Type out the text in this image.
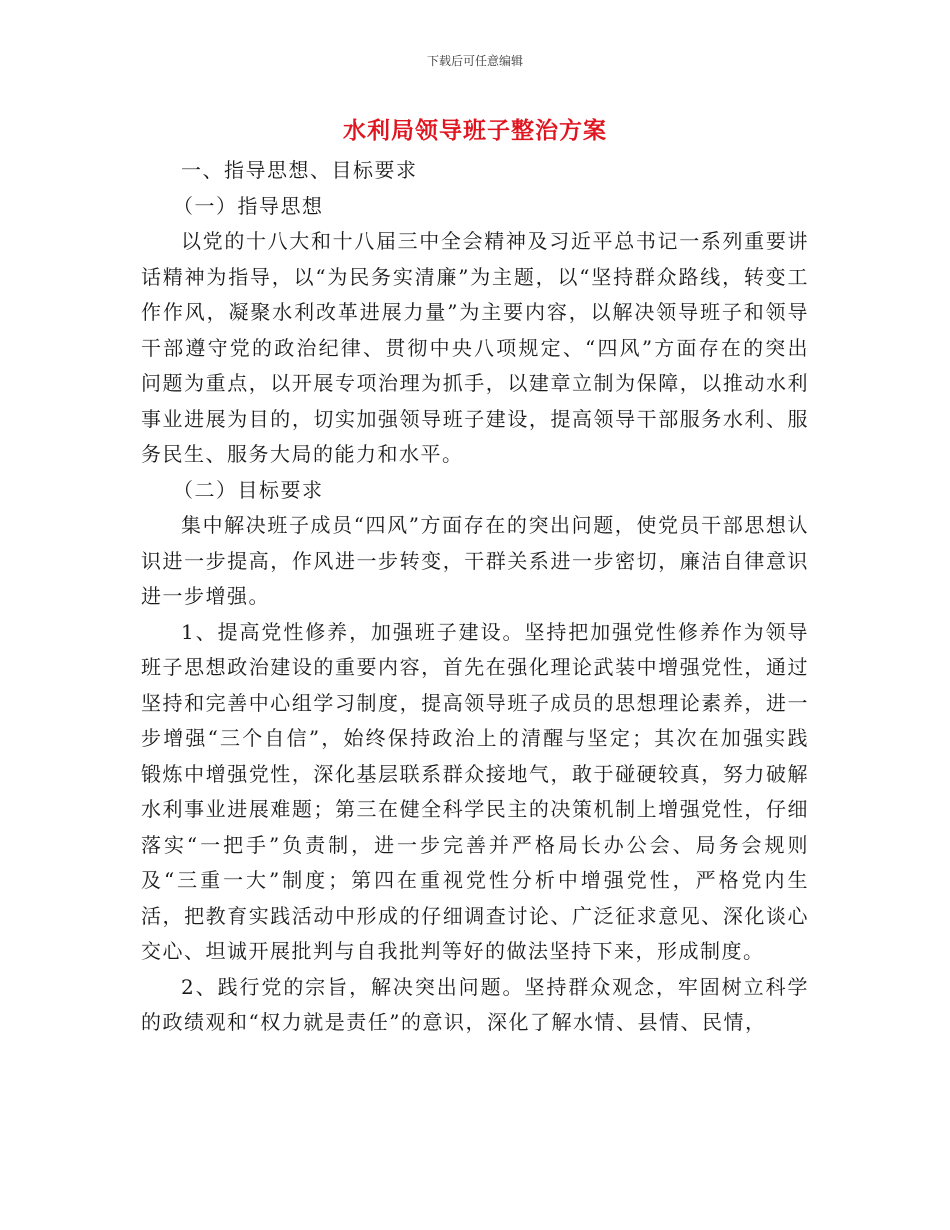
下载后可任意编辑
水利局领导班子整治方案

一、指导思想、目标要求

（一）指导思想

以党的十八大和十八届三中全会精神及习近平总书记一系列重要讲话精神为指导，以“为民务实清廉”为主题，以“坚持群众路线，转变工作作风，凝聚水利改革进展力量”为主要内容，以解决领导班子和领导干部遵守党的政治纪律、贯彻中央八项规定、“四风”方面存在的突出问题为重点，以开展专项治理为抓手，以建章立制为保障，以推动水利事业进展为目的，切实加强领导班子建设，提高领导干部服务水利、服务民生、服务大局的能力和水平。

（二）目标要求

集中解决班子成员“四风”方面存在的突出问题，使党员干部思想认识进一步提高，作风进一步转变，干群关系进一步密切，廉洁自律意识进一步增强。

1、提高党性修养，加强班子建设。坚持把加强党性修养作为领导班子思想政治建设的重要内容，首先在强化理论武装中增强党性，通过坚持和完善中心组学习制度，提高领导班子成员的思想理论素养，进一步增强“三个自信”，始终保持政治上的清醒与坚定；其次在加强实践锻炼中增强党性，深化基层联系群众接地气，敢于碰硬较真，努力破解水利事业进展难题；第三在健全科学民主的决策机制上增强党性，仔细落实“一把手”负责制，进一步完善并严格局长办公会、局务会规则及“三重一大”制度；第四在重视党性分析中增强党性，严格党内生活，把教育实践活动中形成的仔细调查讨论、广泛征求意见、深化谈心交心、坦诚开展批判与自我批判等好的做法坚持下来，形成制度。

2、践行党的宗旨，解决突出问题。坚持群众观念，牢固树立科学的政绩观和“权力就是责任”的意识，深化了解水情、县情、民情，
